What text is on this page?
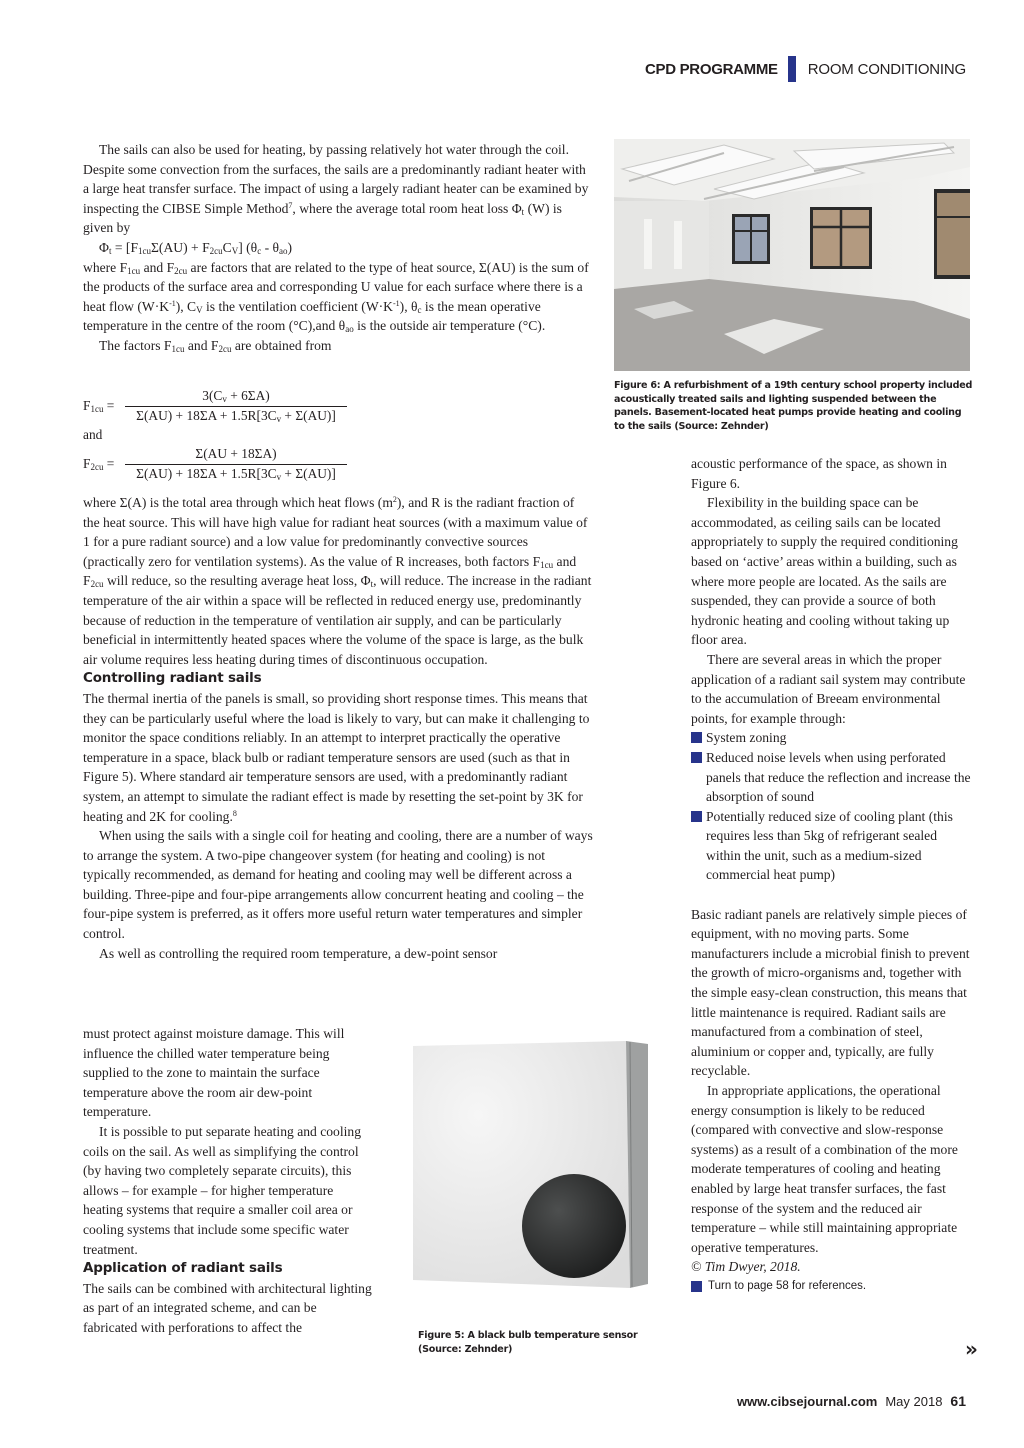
CPD PROGRAMME ROOM CONDITIONING

The sails can also be used for heating, by passing relatively hot water through the coil. Despite some convection from the surfaces, the sails are a predominantly radiant heater with a large heat transfer surface. The impact of using a largely radiant heater can be examined by inspecting the CIBSE Simple Method$^7$, where the average total room heat loss $\Phi_t$ (W) is given by

$\Phi_t = [F_{1cu}\Sigma(AU) + F_{2cu}C_V]$ $(\theta_c - \theta_{ao})$

where $F_{1cu}$ and $F_{2cu}$ are factors that are related to the type of heat source, Σ(AU) is the sum of the products of the surface area and corresponding U value for each surface where there is a heat flow $(W\cdot K^{-1})$, $C_V$ is the ventilation coefficient $(W\cdot K^{-1})$, $\theta_c$ is the mean operative temperature in the centre of the room (°C),and $\theta_{ao}$ is the outside air temperature (°C).

The factors $F_{1cu}$ and $F_{2cu}$ are obtained from

$F_{1cu} = \frac{3(C_v + 6\Sigma A)}{\Sigma(AU) + 18\Sigma A + 1.5R[3C_v + \Sigma(AU)]}$
and
$F_{2cu} = \frac{\Sigma(AU + 18\Sigma A)}{\Sigma(AU) + 18\Sigma A + 1.5R[3C_v + \Sigma(AU)]}$

where Σ(A) is the total area through which heat flows $(m^2)$, and R is the radiant fraction of the heat source. This will have high value for radiant heat sources (with a maximum value of 1 for a pure radiant source) and a low value for predominantly convective sources (practically zero for ventilation systems). As the value of R increases, both factors $F_{1cu}$ and $F_{2cu}$ will reduce, so the resulting average heat loss, $\Phi_t$, will reduce. The increase in the radiant temperature of the air within a space will be reflected in reduced energy use, predominantly because of reduction in the temperature of ventilation air supply, and can be particularly beneficial in intermittently heated spaces where the volume of the space is large, as the bulk air volume requires less heating during times of discontinuous occupation.

Controlling radiant sails

The thermal inertia of the panels is small, so providing short response times. This means that they can be particularly useful where the load is likely to vary, but can make it challenging to monitor the space conditions reliably. In an attempt to interpret practically the operative temperature in a space, black bulb or radiant temperature sensors are used (such as that in Figure 5). Where standard air temperature sensors are used, with a predominantly radiant system, an attempt to simulate the radiant effect is made by resetting the set-point by 3K for heating and 2K for cooling.$^8$

When using the sails with a single coil for heating and cooling, there are a number of ways to arrange the system. A two-pipe changeover system (for heating and cooling) is not typically recommended, as demand for heating and cooling may well be different across a building. Three-pipe and four-pipe arrangements allow concurrent heating and cooling – the four-pipe system is preferred, as it offers more useful return water temperatures and simpler control.

As well as controlling the required room temperature, a dew-point sensor

must protect against moisture damage. This will influence the chilled water temperature being supplied to the zone to maintain the surface temperature above the room air dew-point temperature.

It is possible to put separate heating and cooling coils on the sail. As well as simplifying the control (by having two completely separate circuits), this allows – for example – for higher temperature heating systems that require a smaller coil area or cooling systems that include some specific water treatment.

Application of radiant sails

The sails can be combined with architectural lighting as part of an integrated scheme, and can be fabricated with perforations to affect the

Figure 6: A refurbishment of a 19th century school property included acoustically treated sails and lighting suspended between the panels. Basement-located heat pumps provide heating and cooling to the sails (Source: Zehnder)
Figure 5: A black bulb temperature sensor (Source: Zehnder)

acoustic performance of the space, as shown in Figure 6.

Flexibility in the building space can be accommodated, as ceiling sails can be located appropriately to supply the required conditioning based on ‘active’ areas within a building, such as where more people are located. As the sails are suspended, they can provide a source of both hydronic heating and cooling without taking up floor area.

There are several areas in which the proper application of a radiant sail system may contribute to the accumulation of Breeam environmental points, for example through:

System zoning
Reduced noise levels when using perforated panels that reduce the reflection and increase the absorption of sound
Potentially reduced size of cooling plant (this requires less than 5kg of refrigerant sealed within the unit, such as a medium-sized commercial heat pump)

Basic radiant panels are relatively simple pieces of equipment, with no moving parts. Some manufacturers include a microbial finish to prevent the growth of micro-organisms and, together with the simple easy-clean construction, this means that little maintenance is required. Radiant sails are manufactured from a combination of steel, aluminium or copper and, typically, are fully recyclable.

In appropriate applications, the operational energy consumption is likely to be reduced (compared with convective and slow-response systems) as a result of a combination of the more moderate temperatures of cooling and heating enabled by large heat transfer surfaces, the fast response of the system and the reduced air temperature – while still maintaining appropriate operative temperatures.

© Tim Dwyer, 2018.

Turn to page 58 for references.
»
www.cibsejournal.com May 2018 61
